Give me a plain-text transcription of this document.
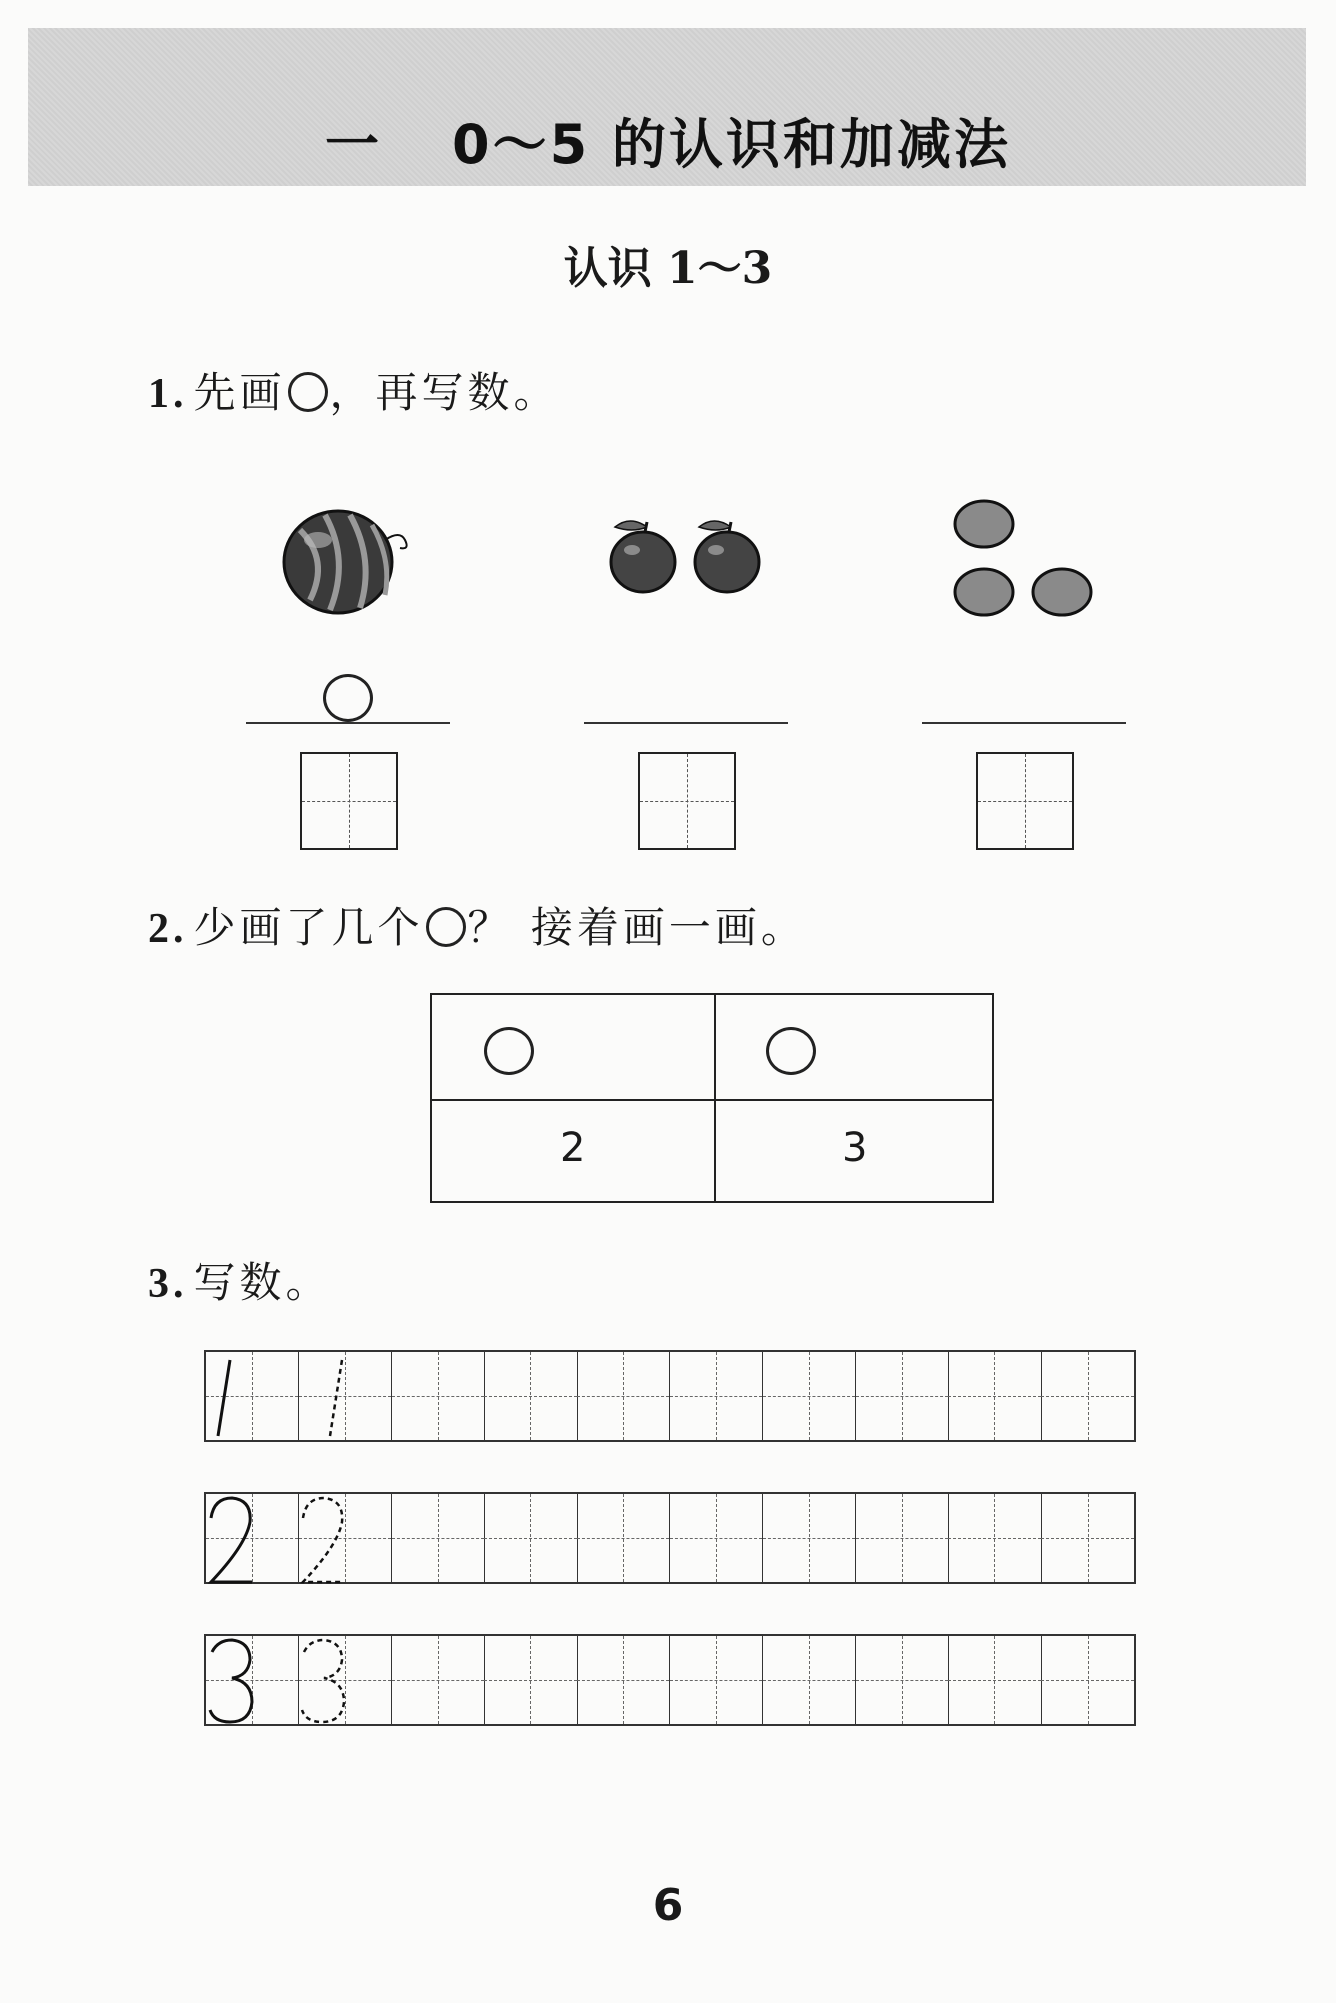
一 0～5 的认识和加减法
认识 1～3
1. 先画 ，再写数。
2. 少画了几个 ？ 接着画一画。
2	3
3. 写数。
6
